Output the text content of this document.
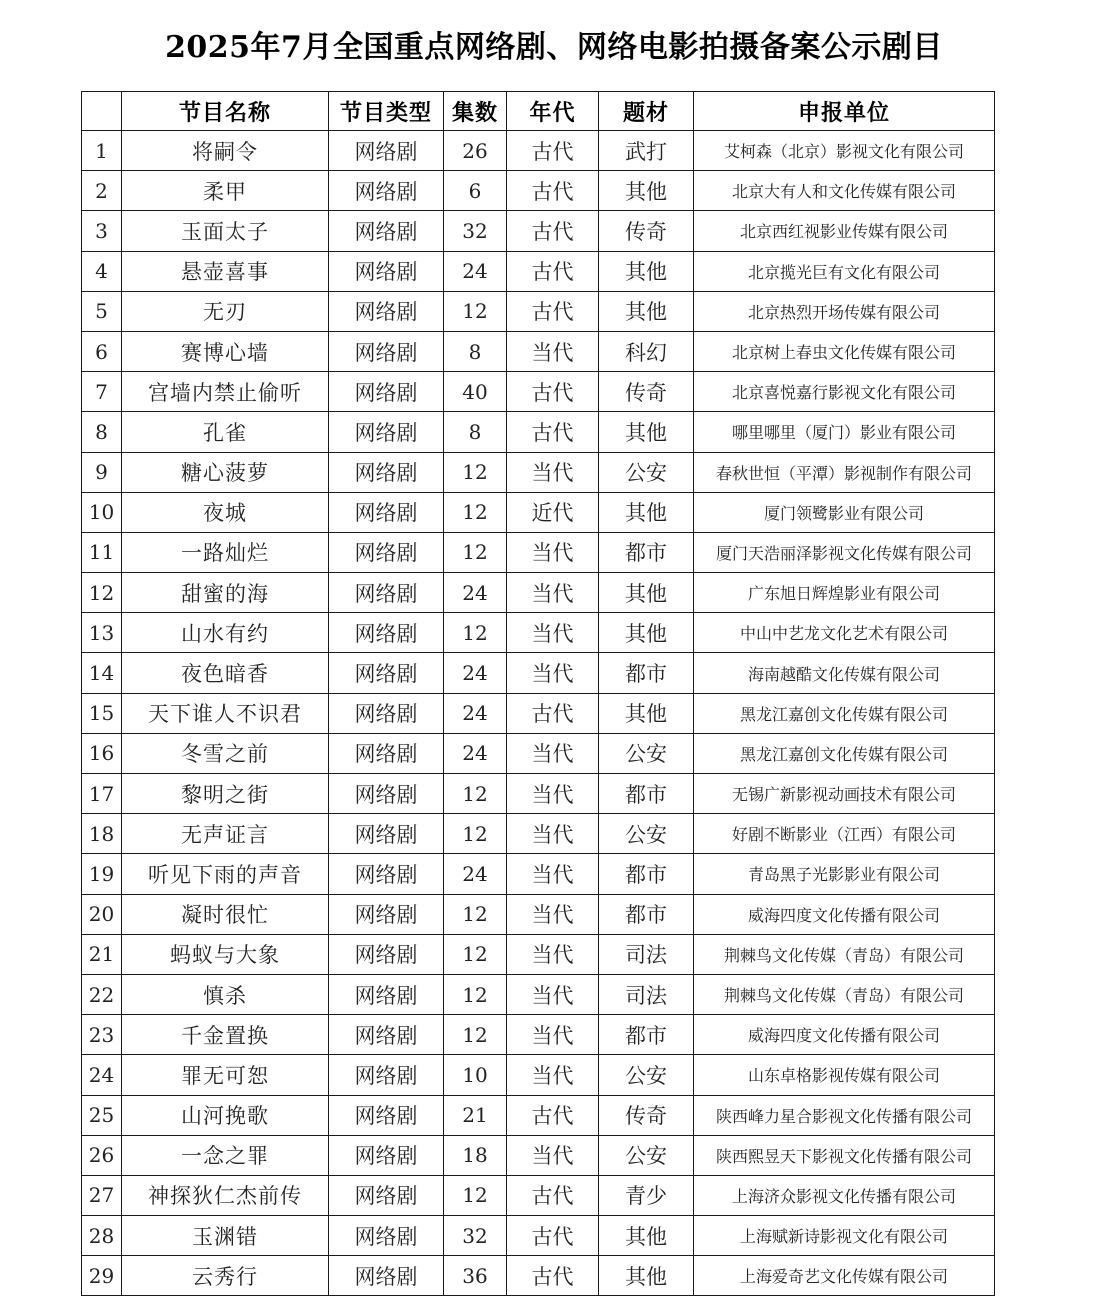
2025年7月全国重点网络剧、网络电影拍摄备案公示剧目
	节目名称	节目类型	集数	年代	题材	申报单位
1	将嗣令	网络剧	26	古代	武打	艾柯森（北京）影视文化有限公司
2	柔甲	网络剧	6	古代	其他	北京大有人和文化传媒有限公司
3	玉面太子	网络剧	32	古代	传奇	北京西红视影业传媒有限公司
4	悬壶喜事	网络剧	24	古代	其他	北京揽光巨有文化有限公司
5	无刃	网络剧	12	古代	其他	北京热烈开场传媒有限公司
6	赛博心墙	网络剧	8	当代	科幻	北京树上春虫文化传媒有限公司
7	宫墙内禁止偷听	网络剧	40	古代	传奇	北京喜悦嘉行影视文化有限公司
8	孔雀	网络剧	8	古代	其他	哪里哪里（厦门）影业有限公司
9	糖心菠萝	网络剧	12	当代	公安	春秋世恒（平潭）影视制作有限公司
10	夜城	网络剧	12	近代	其他	厦门领鹭影业有限公司
11	一路灿烂	网络剧	12	当代	都市	厦门天浩丽泽影视文化传媒有限公司
12	甜蜜的海	网络剧	24	当代	其他	广东旭日辉煌影业有限公司
13	山水有约	网络剧	12	当代	其他	中山中艺龙文化艺术有限公司
14	夜色暗香	网络剧	24	当代	都市	海南越酷文化传媒有限公司
15	天下谁人不识君	网络剧	24	古代	其他	黑龙江嘉创文化传媒有限公司
16	冬雪之前	网络剧	24	当代	公安	黑龙江嘉创文化传媒有限公司
17	黎明之街	网络剧	12	当代	都市	无锡广新影视动画技术有限公司
18	无声证言	网络剧	12	当代	公安	好剧不断影业（江西）有限公司
19	听见下雨的声音	网络剧	24	当代	都市	青岛黑子光影影业有限公司
20	凝时很忙	网络剧	12	当代	都市	威海四度文化传播有限公司
21	蚂蚁与大象	网络剧	12	当代	司法	荆棘鸟文化传媒（青岛）有限公司
22	慎杀	网络剧	12	当代	司法	荆棘鸟文化传媒（青岛）有限公司
23	千金置换	网络剧	12	当代	都市	威海四度文化传播有限公司
24	罪无可恕	网络剧	10	当代	公安	山东卓格影视传媒有限公司
25	山河挽歌	网络剧	21	古代	传奇	陕西峰力星合影视文化传播有限公司
26	一念之罪	网络剧	18	当代	公安	陕西熙昱天下影视文化传播有限公司
27	神探狄仁杰前传	网络剧	12	古代	青少	上海济众影视文化传播有限公司
28	玉渊错	网络剧	32	古代	其他	上海赋新诗影视文化有限公司
29	云秀行	网络剧	36	古代	其他	上海爱奇艺文化传媒有限公司
